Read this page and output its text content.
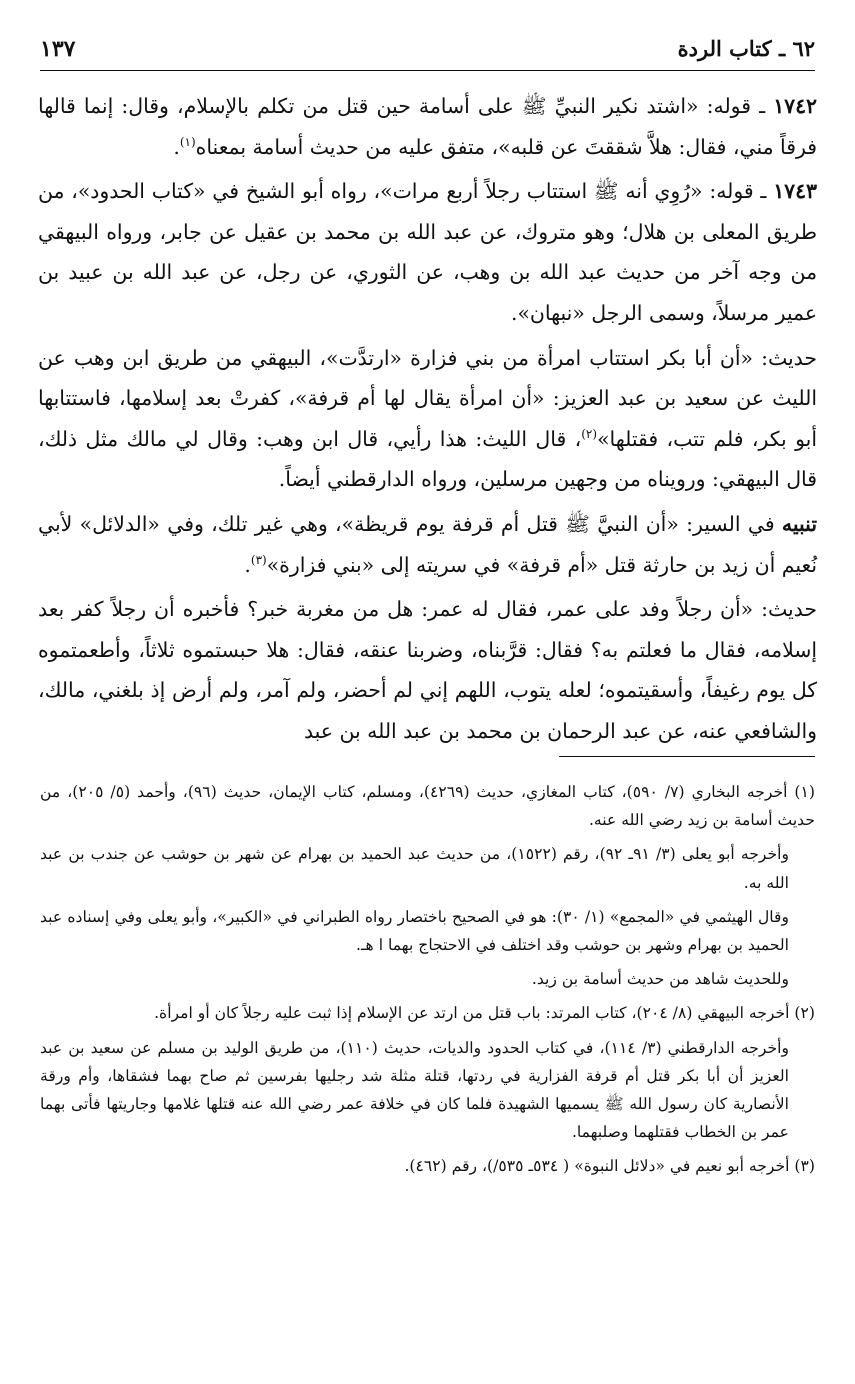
٦٢ ـ كتاب الردة
١٣٧

١٧٤٢ ـ قوله: «اشتد نكير النبيِّ ﷺ على أسامة حين قتل من تكلم بالإسلام، وقال: إنما قالها فرقاً مني، فقال: هلاَّ شققتَ عن قلبه»، متفق عليه من حديث أسامة بمعناه$^{(١)}$.

١٧٤٣ ـ قوله: «رُوِي أنه ﷺ استتاب رجلاً أربع مرات»، رواه أبو الشيخ في «كتاب الحدود»، من طريق المعلى بن هلال؛ وهو متروك، عن عبد الله بن محمد بن عقيل عن جابر، ورواه البيهقي من وجه آخر من حديث عبد الله بن وهب، عن الثوري، عن رجل، عن عبد الله بن عبيد بن عمير مرسلاً، وسمى الرجل «نبهان».

حديث: «أن أبا بكر استتاب امرأة من بني فزارة «ارتدَّت»، البيهقي من طريق ابن وهب عن الليث عن سعيد بن عبد العزيز: «أن امرأة يقال لها أم قرفة»، كفرتْ بعد إسلامها، فاستتابها أبو بكر، فلم تتب، فقتلها»$^{(٢)}$، قال الليث: هذا رأيي، قال ابن وهب: وقال لي مالك مثل ذلك، قال البيهقي: ورويناه من وجهين مرسلين، ورواه الدارقطني أيضاً.

تنبيه في السير: «أن النبيَّ ﷺ قتل أم قرفة يوم قريظة»، وهي غير تلك، وفي «الدلائل» لأبي نُعيم أن زيد بن حارثة قتل «أم قرفة» في سريته إلى «بني فزارة»$^{(٣)}$.

حديث: «أن رجلاً وفد على عمر، فقال له عمر: هل من مغربة خبر؟ فأخبره أن رجلاً كفر بعد إسلامه، فقال ما فعلتم به؟ فقال: قرَّبناه، وضربنا عنقه، فقال: هلا حبستموه ثلاثاً، وأطعمتموه كل يوم رغيفاً، وأسقيتموه؛ لعله يتوب، اللهم إني لم أحضر، ولم آمر، ولم أرض إذ بلغني، مالك، والشافعي عنه، عن عبد الرحمان بن محمد بن عبد الله بن عبد

(١) أخرجه البخاري (٧/ ٥٩٠)، كتاب المغازي، حديث (٤٢٦٩)، ومسلم، كتاب الإيمان، حديث (٩٦)، وأحمد (٥/ ٢٠٥)، من حديث أسامة بن زيد رضي الله عنه.

وأخرجه أبو يعلى (٣/ ٩١ـ ٩٢)، رقم (١٥٢٢)، من حديث عبد الحميد بن بهرام عن شهر بن حوشب عن جندب بن عبد الله به.

وقال الهيثمي في «المجمع» (١/ ٣٠): هو في الصحيح باختصار رواه الطبراني في «الكبير»، وأبو يعلى وفي إسناده عبد الحميد بن بهرام وشهر بن حوشب وقد اختلف في الاحتجاج بهما ا هـ.

وللحديث شاهد من حديث أسامة بن زيد.

(٢) أخرجه البيهقي (٨/ ٢٠٤)، كتاب المرتد: باب قتل من ارتد عن الإسلام إذا ثبت عليه رجلاً كان أو امرأة.

وأخرجه الدارقطني (٣/ ١١٤)، في كتاب الحدود والديات، حديث (١١٠)، من طريق الوليد بن مسلم عن سعيد بن عبد العزيز أن أبا بكر قتل أم قرفة الفزارية في ردتها، قتلة مثلة شد رجليها بفرسين ثم صاح بهما فشقاها، وأم ورقة الأنصارية كان رسول الله ﷺ يسميها الشهيدة فلما كان في خلافة عمر رضي الله عنه قتلها غلامها وجاريتها فأتى بهما عمر بن الخطاب فقتلهما وصلبهما.

(٣) أخرجه أبو نعيم في «دلائل النبوة» ( ٥٣٤ـ ٥٣٥/)، رقم (٤٦٢).
